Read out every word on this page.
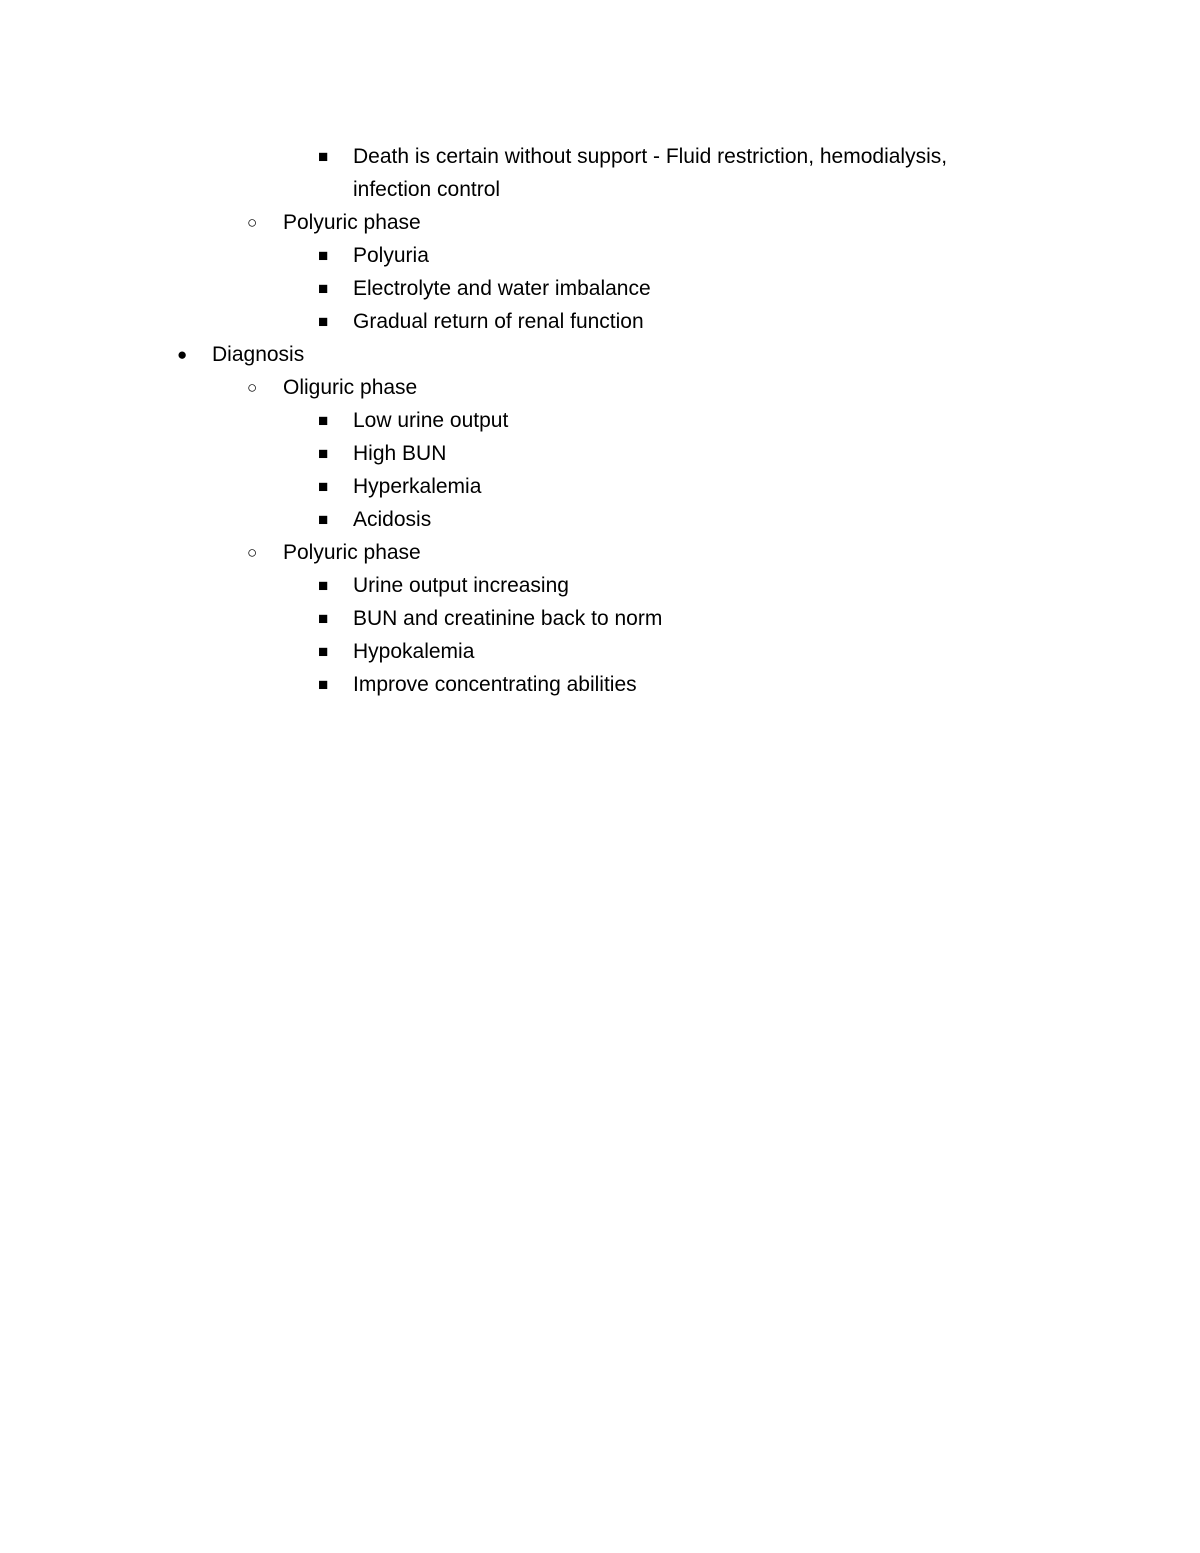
■ Death is certain without support - Fluid restriction, hemodialysis,
infection control
○ Polyuric phase
■ Polyuria
■ Electrolyte and water imbalance
■ Gradual return of renal function
● Diagnosis
○ Oliguric phase
■ Low urine output
■ High BUN
■ Hyperkalemia
■ Acidosis
○ Polyuric phase
■ Urine output increasing
■ BUN and creatinine back to norm
■ Hypokalemia
■ Improve concentrating abilities
